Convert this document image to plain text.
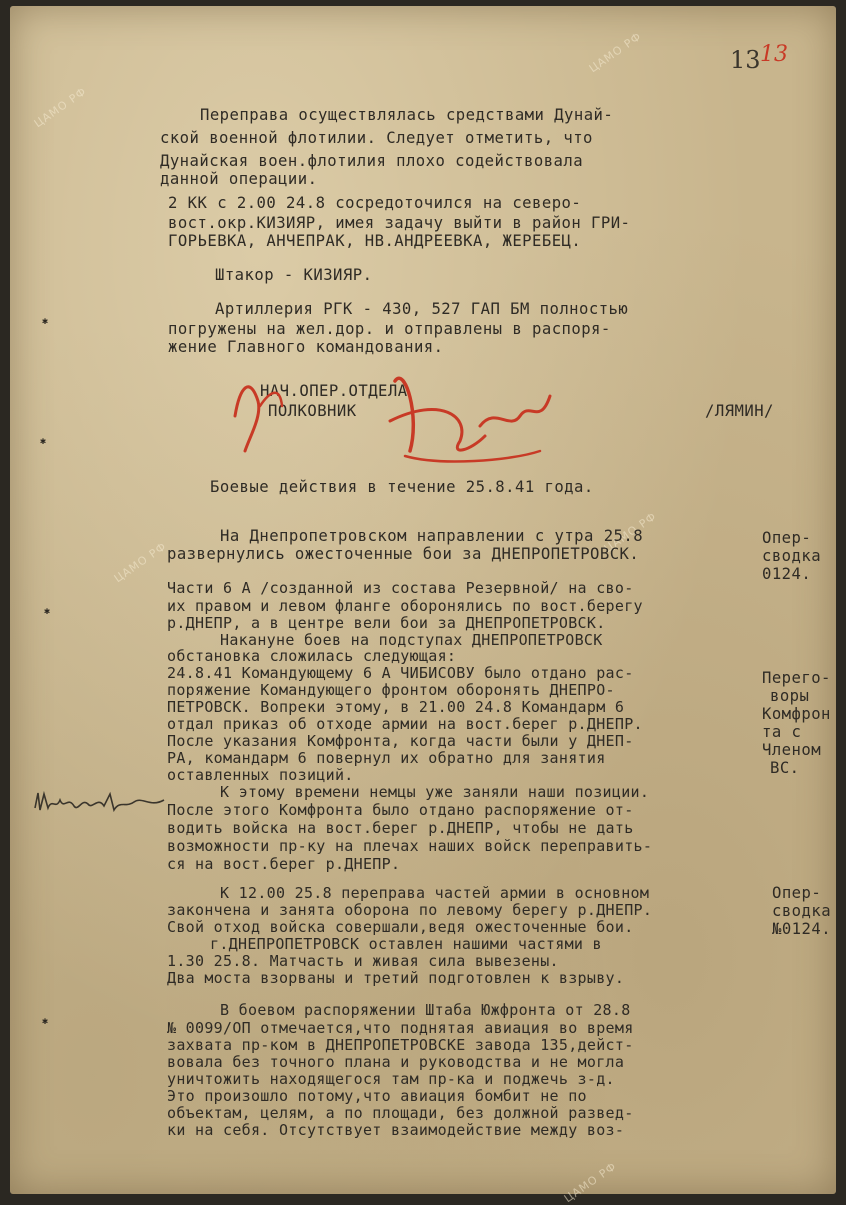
13 13
ЦАМО РФ
ЦАМО РФ
ЦАМО РФ
ЦАМО РФ
ЦАМО РФ
Переправа осуществлялась средствами Дунай-
ской военной флотилии. Следует отметить, что
Дунайская воен.флотилия плохо содействовала
данной операции.
2 КК с 2.00 24.8 сосредоточился на северо-
вост.окр.КИЗИЯР, имея задачу выйти в район ГРИ-
ГОРЬЕВКА, АНЧЕПРАК, НВ.АНДРЕЕВКА, ЖЕРЕБЕЦ.
Штакор - КИЗИЯР.
Артиллерия РГК - 430, 527 ГАП БМ полностью
погружены на жел.дор. и отправлены в распоря-
жение Главного командования.
НАЧ.ОПЕР.ОТДЕЛА
ПОЛКОВНИК	/ЛЯМИН/
Боевые действия в течение 25.8.41 года.
На Днепропетровском направлении с утра 25.8
развернулись ожесточенные бои за ДНЕПРОПЕТРОВСК.
Части 6 А /созданной из состава Резервной/ на сво-
их правом и левом фланге оборонялись по вост.берегу
р.ДНЕПР, а в центре вели бои за ДНЕПРОПЕТРОВСК.
Накануне боев на подступах ДНЕПРОПЕТРОВСК
обстановка сложилась следующая:
24.8.41 Командующему 6 А ЧИБИСОВУ было отдано рас-
поряжение Командующего фронтом оборонять ДНЕПРО-
ПЕТРОВСК. Вопреки этому, в 21.00 24.8 Командарм 6
отдал приказ об отходе армии на вост.берег р.ДНЕПР.
После указания Комфронта, когда части были у ДНЕП-
РА, командарм 6 повернул их обратно для занятия
оставленных позиций.
К этому времени немцы уже заняли наши позиции.
После этого Комфронта было отдано распоряжение от-
водить войска на вост.берег р.ДНЕПР, чтобы не дать
возможности пр-ку на плечах наших войск переправить-
ся на вост.берег р.ДНЕПР.
К 12.00 25.8 переправа частей армии в основном
закончена и занята оборона по левому берегу р.ДНЕПР.
Свой отход войска совершали,ведя ожесточенные бои.
г.ДНЕПРОПЕТРОВСК оставлен нашими частями в
1.30 25.8. Матчасть и живая сила вывезены.
Два моста взорваны и третий подготовлен к взрыву.
В боевом распоряжении Штаба Южфронта от 28.8
№ 0099/ОП отмечается,что поднятая авиация во время
захвата пр-ком в ДНЕПРОПЕТРОВСКЕ завода 135,дейст-
вовала без точного плана и руководства и не могла
уничтожить находящегося там пр-ка и поджечь з-д.
Это произошло потому,что авиация бомбит не по
объектам, целям, а по площади, без должной развед-
ки на себя. Отсутствует взаимодействие между воз-
Опер-
сводка
0124.
Перего-
воры
Комфрон
та с
Членом
ВС.
Опер-
сводка
№0124.
✱
✱
✱
✱
